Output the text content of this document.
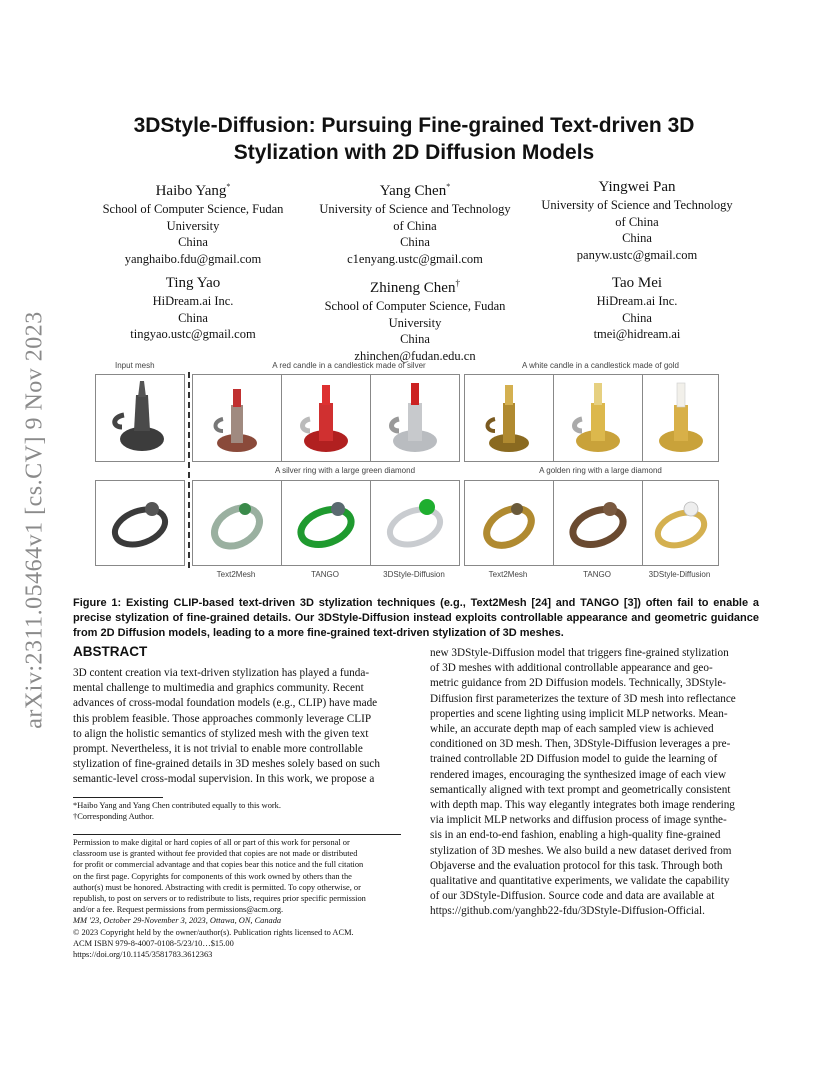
arXiv:2311.05464v1 [cs.CV] 9 Nov 2023
3DStyle-Diffusion: Pursuing Fine-grained Text-driven 3D
Stylization with 2D Diffusion Models
Haibo Yang*
School of Computer Science, Fudan
University
China
yanghaibo.fdu@gmail.com
Yang Chen*
University of Science and Technology
of China
China
c1enyang.ustc@gmail.com
Yingwei Pan
University of Science and Technology
of China
China
panyw.ustc@gmail.com
Ting Yao
HiDream.ai Inc.
China
tingyao.ustc@gmail.com
Zhineng Chen†
School of Computer Science, Fudan
University
China
zhinchen@fudan.edu.cn
Tao Mei
HiDream.ai Inc.
China
tmei@hidream.ai
Input mesh	A red candle in a candlestick made of silver	A white candle in a candlestick made of gold
A silver ring with a large green diamond	A golden ring with a large diamond
Text2Mesh	TANGO	3DStyle-Diffusion	Text2Mesh	TANGO	3DStyle-Diffusion
Figure 1: Existing CLIP-based text-driven 3D stylization techniques (e.g., Text2Mesh [24] and TANGO [3]) often fail to enable a precise stylization of fine-grained details. Our 3DStyle-Diffusion instead exploits controllable appearance and geometric guidance from 2D Diffusion models, leading to a more fine-grained text-driven stylization of 3D meshes.
ABSTRACT
3D content creation via text-driven stylization has played a funda-
mental challenge to multimedia and graphics community. Recent
advances of cross-modal foundation models (e.g., CLIP) have made
this problem feasible. Those approaches commonly leverage CLIP
to align the holistic semantics of stylized mesh with the given text
prompt. Nevertheless, it is not trivial to enable more controllable
stylization of fine-grained details in 3D meshes solely based on such
semantic-level cross-modal supervision. In this work, we propose a
*Haibo Yang and Yang Chen contributed equally to this work.
†Corresponding Author.
Permission to make digital or hard copies of all or part of this work for personal or
classroom use is granted without fee provided that copies are not made or distributed
for profit or commercial advantage and that copies bear this notice and the full citation
on the first page. Copyrights for components of this work owned by others than the
author(s) must be honored. Abstracting with credit is permitted. To copy otherwise, or
republish, to post on servers or to redistribute to lists, requires prior specific permission
and/or a fee. Request permissions from permissions@acm.org.
MM '23, October 29-November 3, 2023, Ottawa, ON, Canada
© 2023 Copyright held by the owner/author(s). Publication rights licensed to ACM.
ACM ISBN 979-8-4007-0108-5/23/10…$15.00
https://doi.org/10.1145/3581783.3612363
new 3DStyle-Diffusion model that triggers fine-grained stylization
of 3D meshes with additional controllable appearance and geo-
metric guidance from 2D Diffusion models. Technically, 3DStyle-
Diffusion first parameterizes the texture of 3D mesh into reflectance
properties and scene lighting using implicit MLP networks. Mean-
while, an accurate depth map of each sampled view is achieved
conditioned on 3D mesh. Then, 3DStyle-Diffusion leverages a pre-
trained controllable 2D Diffusion model to guide the learning of
rendered images, encouraging the synthesized image of each view
semantically aligned with text prompt and geometrically consistent
with depth map. This way elegantly integrates both image rendering
via implicit MLP networks and diffusion process of image synthe-
sis in an end-to-end fashion, enabling a high-quality fine-grained
stylization of 3D meshes. We also build a new dataset derived from
Objaverse and the evaluation protocol for this task. Through both
qualitative and quantitative experiments, we validate the capability
of our 3DStyle-Diffusion. Source code and data are available at
https://github.com/yanghb22-fdu/3DStyle-Diffusion-Official.
